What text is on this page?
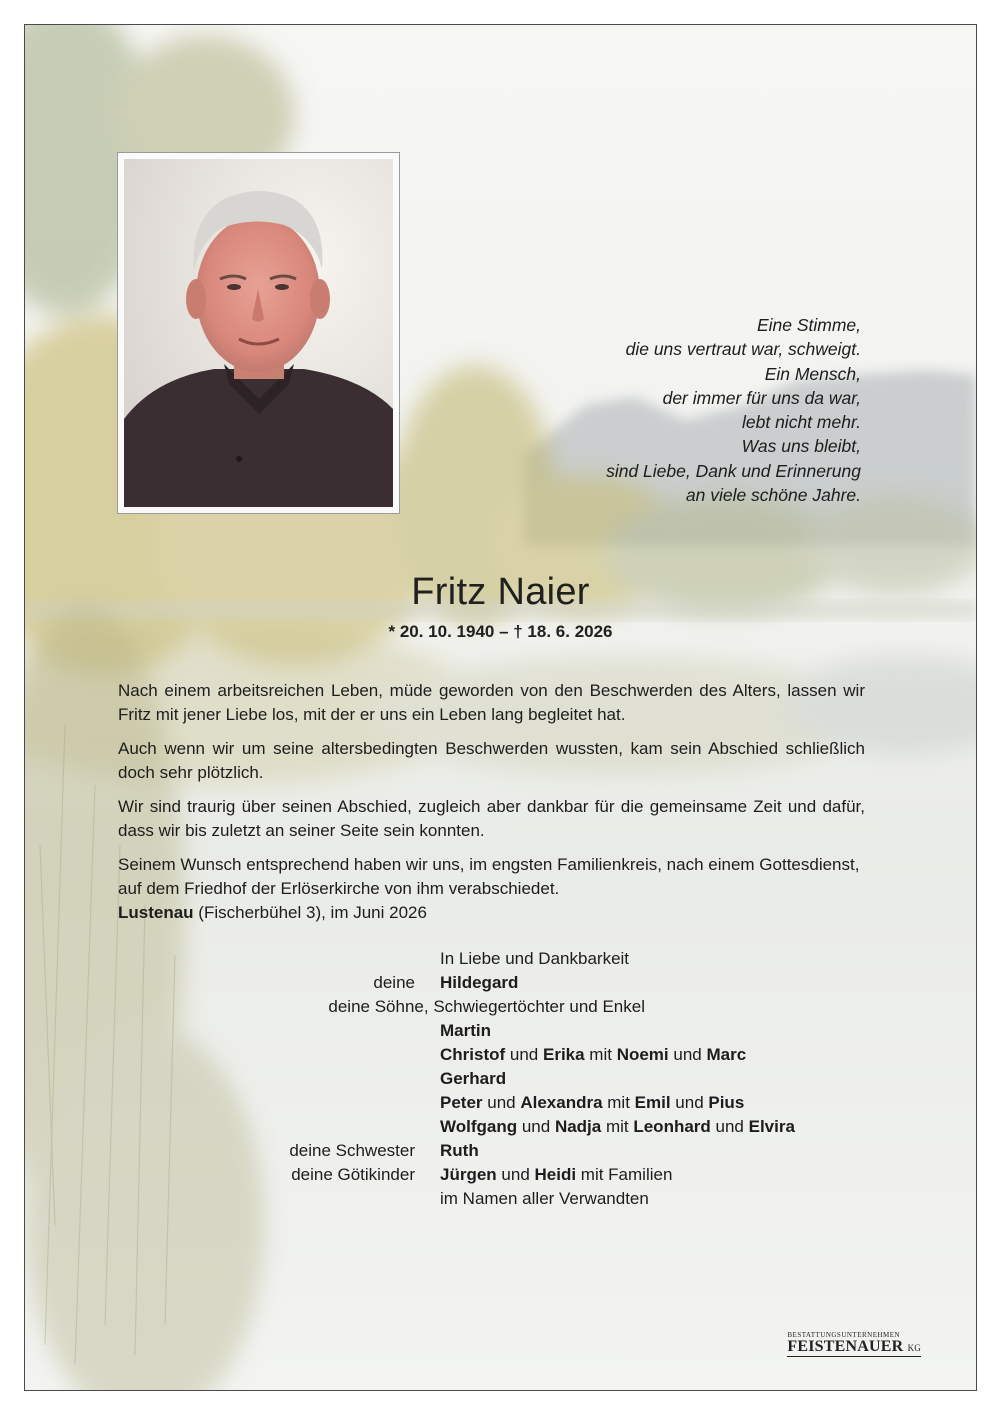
Eine Stimme,
die uns vertraut war, schweigt.
Ein Mensch,
der immer für uns da war,
lebt nicht mehr.
Was uns bleibt,
sind Liebe, Dank und Erinnerung
an viele schöne Jahre.
Fritz Naier
* 20. 10. 1940 – † 18. 6. 2026

Nach einem arbeitsreichen Leben, müde geworden von den Beschwerden des Alters, lassen wir Fritz mit jener Liebe los, mit der er uns ein Leben lang begleitet hat.

Auch wenn wir um seine altersbedingten Beschwerden wussten, kam sein Abschied schließlich doch sehr plötzlich.

Wir sind traurig über seinen Abschied, zugleich aber dankbar für die gemeinsame Zeit und dafür, dass wir bis zuletzt an seiner Seite sein konnten.

Seinem Wunsch entsprechend haben wir uns, im engsten Familienkreis, nach einem Gottesdienst, auf dem Friedhof der Erlöserkirche von ihm verabschiedet.

Lustenau (Fischerbühel 3), im Juni 2026
In Liebe und Dankbarkeit
deine Hildegard
deine Söhne, Schwiegertöchter und Enkel
Martin
Christof und Erika mit Noemi und Marc
Gerhard
Peter und Alexandra mit Emil und Pius
Wolfgang und Nadja mit Leonhard und Elvira
deine Schwester Ruth
deine Götikinder Jürgen und Heidi mit Familien
im Namen aller Verwandten
BESTATTUNGSUNTERNEHMEN
FEISTENAUER KG
